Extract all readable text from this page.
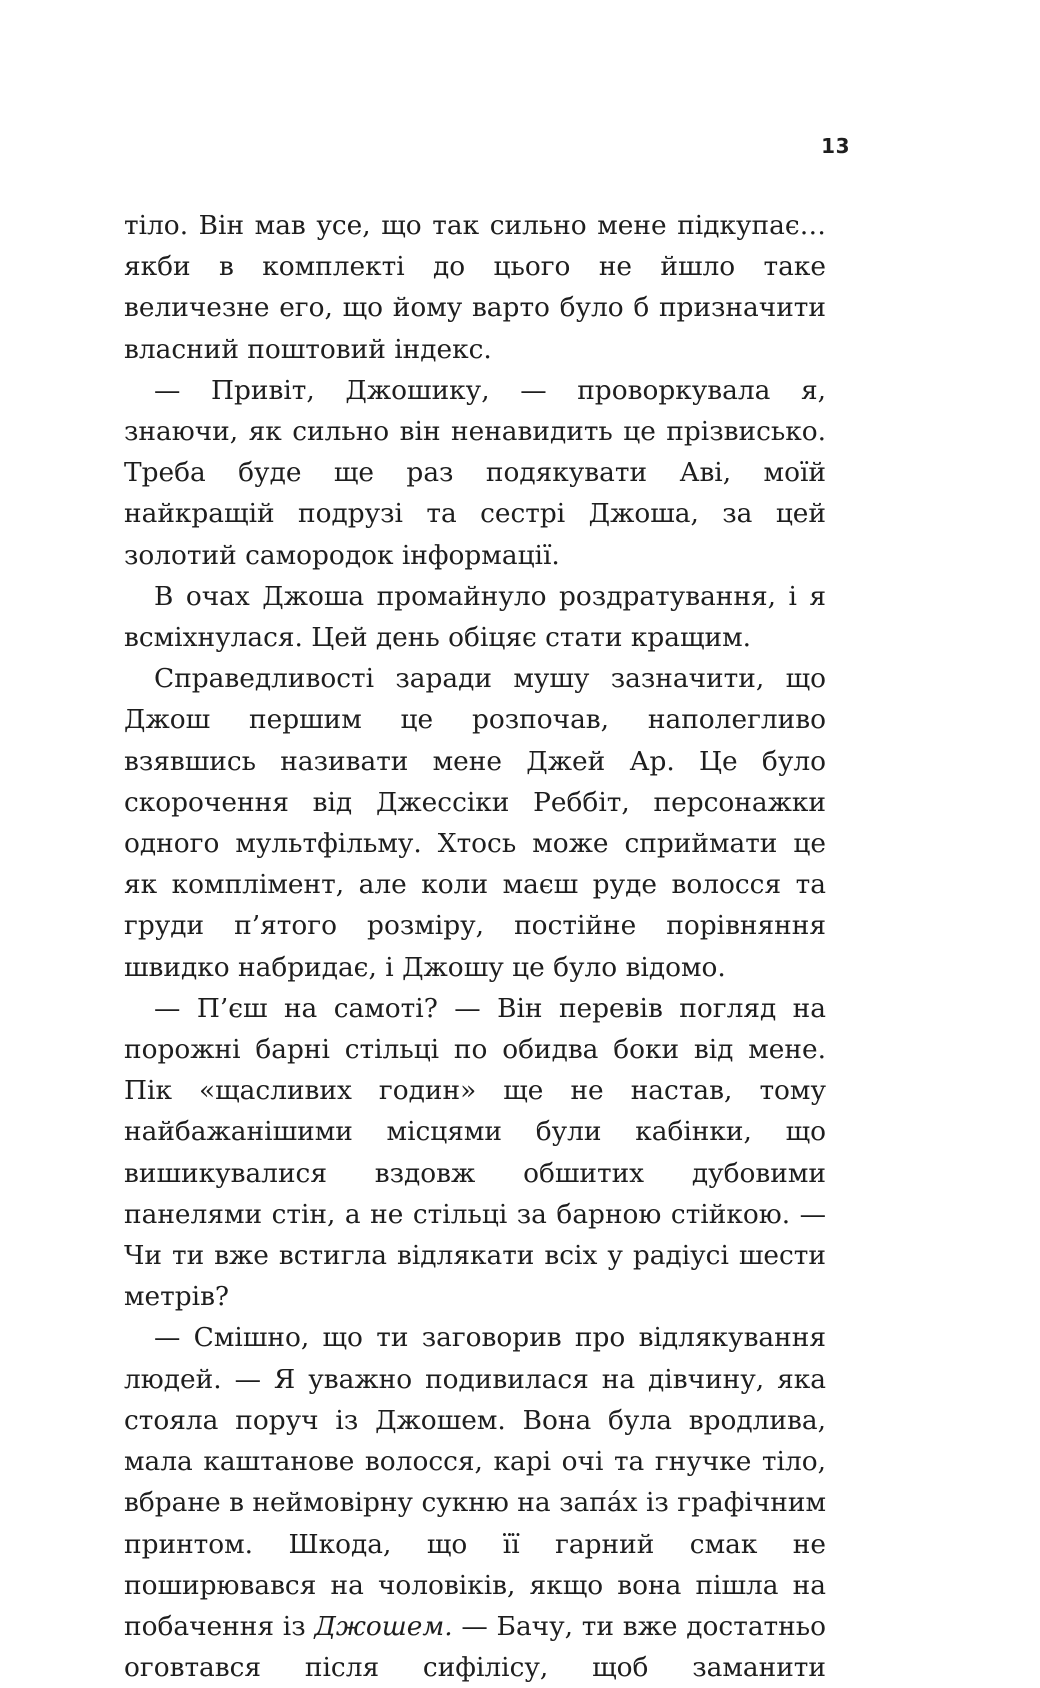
13

тіло. Він мав усе, що так сильно мене підкупає… якби в комплекті до цього не йшло таке величезне его, що йому варто було б призначити власний поштовий індекс.

— Привіт, Джошику, — проворкувала я, знаючи, як сильно він ненавидить це прізвисько. Треба буде ще раз подякувати Аві, моїй найкращій подрузі та сестрі Джоша, за цей золотий самородок інформації.

В очах Джоша промайнуло роздратування, і я всміхнулася. Цей день обіцяє стати кращим.

Справедливості заради мушу зазначити, що Джош першим це розпочав, наполегливо взявшись називати мене Джей Ар. Це було скорочення від Джессіки Реббіт, персонажки одного мультфільму. Хтось може сприймати це як комплімент, але коли маєш руде волосся та груди п’ятого розміру, постійне порівняння швидко набридає, і Джошу це було відомо.

— П’єш на самоті? — Він перевів погляд на порожні барні стільці по обидва боки від мене. Пік «щасливих годин» ще не настав, тому найбажанішими місцями були кабінки, що вишикувалися вздовж обшитих дубовими панелями стін, а не стільці за барною стійкою. — Чи ти вже встигла відлякати всіх у радіусі шести метрів?

— Смішно, що ти заговорив про відлякування людей. — Я уважно подивилася на дівчину, яка стояла поруч із Джошем. Вона була вродлива, мала каштанове волосся, карі очі та гнучке тіло, вбране в неймовірну сукню на запáх із графічним принтом. Шкода, що її гарний смак не поширювався на чоловіків, якщо вона пішла на побачення із Джошем. — Бачу, ти вже достатньо оговтався після сифілісу, щоб заманити
